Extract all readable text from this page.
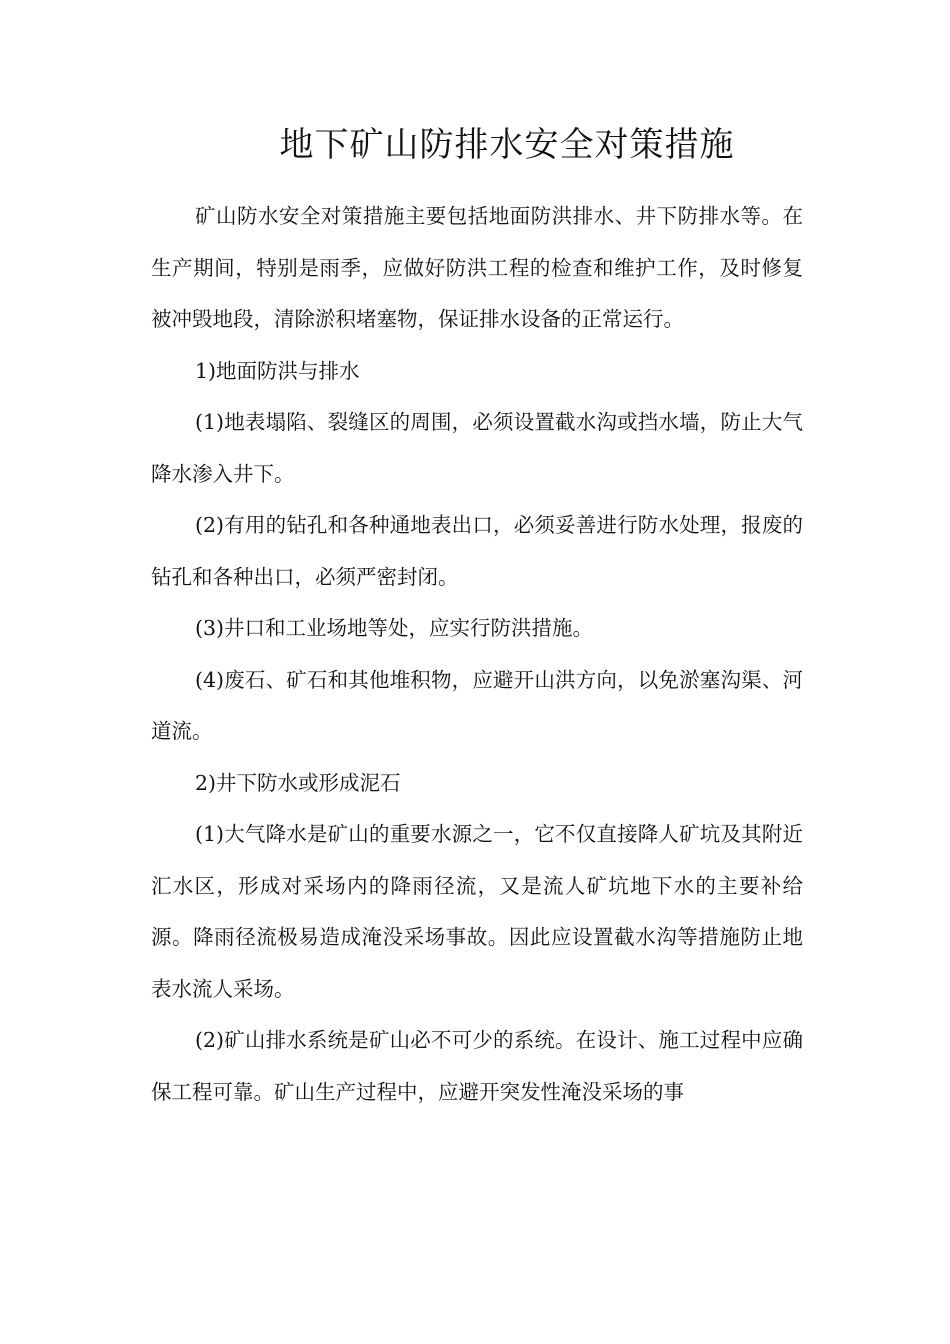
地下矿山防排水安全对策措施

矿山防水安全对策措施主要包括地面防洪排水、井下防排水等。在生产期间，特别是雨季，应做好防洪工程的检查和维护工作，及时修复被冲毁地段，清除淤积堵塞物，保证排水设备的正常运行。

1)地面防洪与排水

(1)地表塌陷、裂缝区的周围，必须设置截水沟或挡水墙，防止大气降水渗入井下。

(2)有用的钻孔和各种通地表出口，必须妥善进行防水处理，报废的钻孔和各种出口，必须严密封闭。

(3)井口和工业场地等处，应实行防洪措施。

(4)废石、矿石和其他堆积物，应避开山洪方向，以免淤塞沟渠、河道流。

2)井下防水或形成泥石

(1)大气降水是矿山的重要水源之一，它不仅直接降人矿坑及其附近汇水区，形成对采场内的降雨径流，又是流人矿坑地下水的主要补给源。降雨径流极易造成淹没采场事故。因此应设置截水沟等措施防止地表水流人采场。

(2)矿山排水系统是矿山必不可少的系统。在设计、施工过程中应确保工程可靠。矿山生产过程中，应避开突发性淹没采场的事
